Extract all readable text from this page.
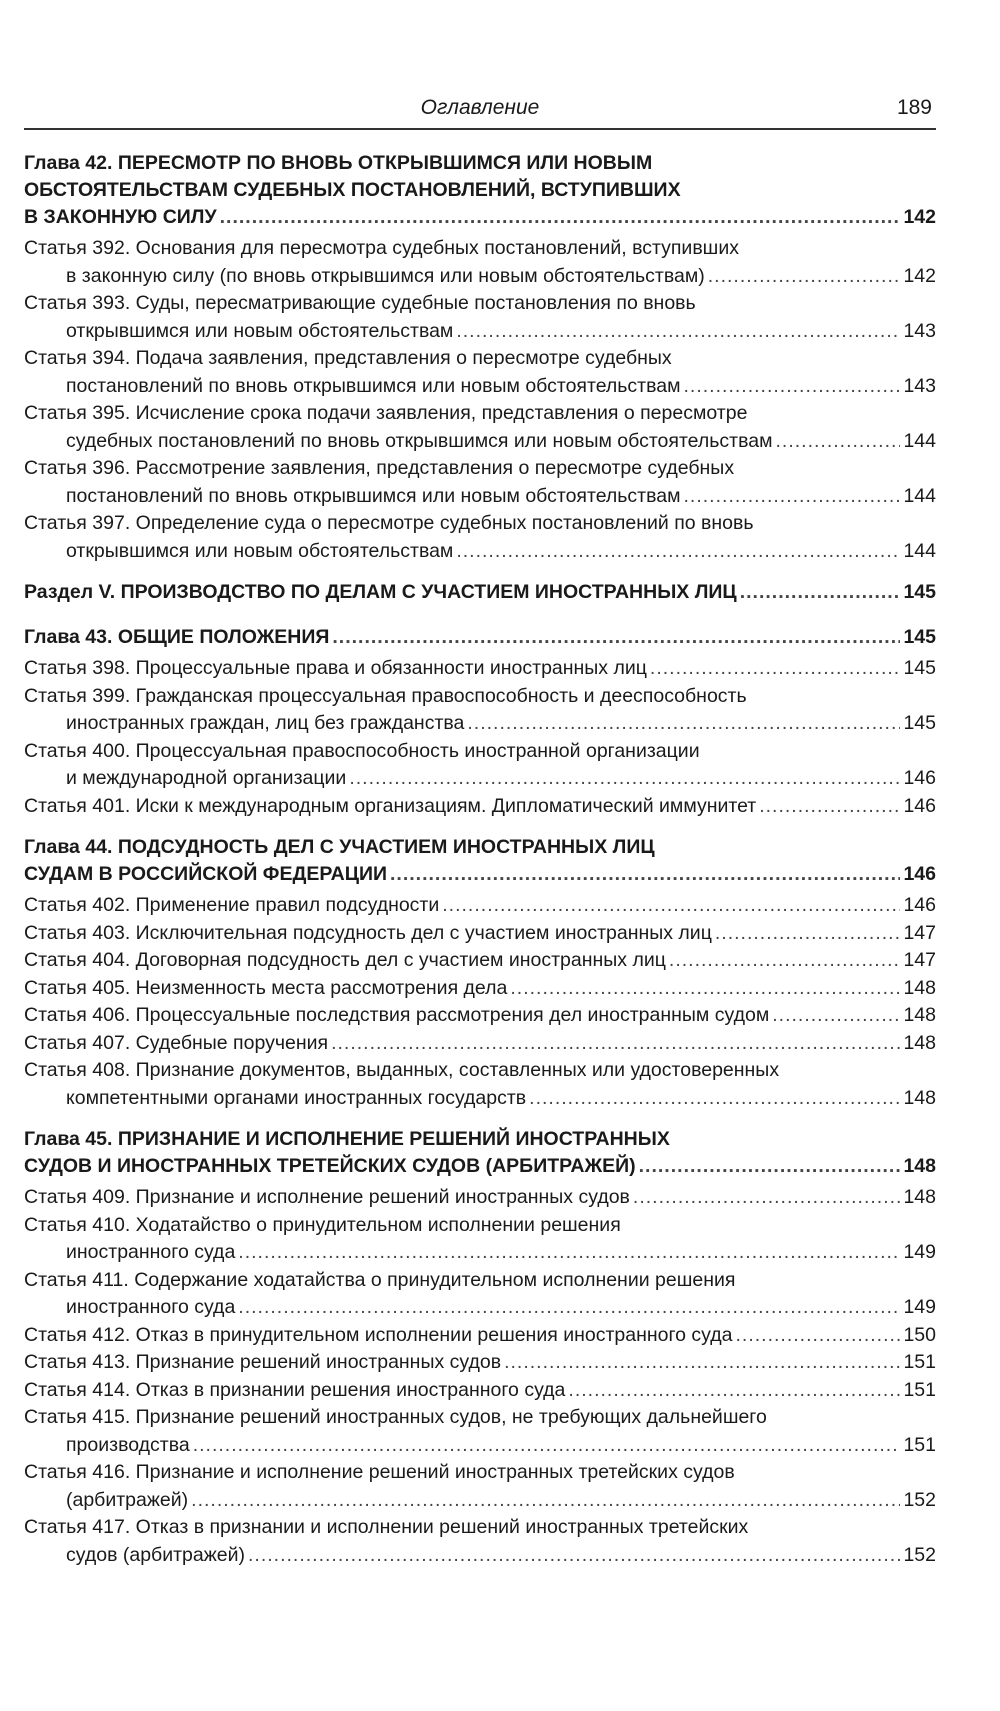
Оглавление	189
Глава 42. ПЕРЕСМОТР ПО ВНОВЬ ОТКРЫВШИМСЯ ИЛИ НОВЫМ
ОБСТОЯТЕЛЬСТВАМ СУДЕБНЫХ ПОСТАНОВЛЕНИЙ, ВСТУПИВШИХ
В ЗАКОННУЮ СИЛУ .....	142
Статья 392. Основания для пересмотра судебных постановлений, вступивших
в законную силу (по вновь открывшимся или новым обстоятельствам) .....	142
Статья 393. Суды, пересматривающие судебные постановления по вновь
открывшимся или новым обстоятельствам .....	143
Статья 394. Подача заявления, представления о пересмотре судебных
постановлений по вновь открывшимся или новым обстоятельствам .....	143
Статья 395. Исчисление срока подачи заявления, представления о пересмотре
судебных постановлений по вновь открывшимся или новым обстоятельствам .....	144
Статья 396. Рассмотрение заявления, представления о пересмотре судебных
постановлений по вновь открывшимся или новым обстоятельствам .....	144
Статья 397. Определение суда о пересмотре судебных постановлений по вновь
открывшимся или новым обстоятельствам .....	144
Раздел V. ПРОИЗВОДСТВО ПО ДЕЛАМ С УЧАСТИЕМ ИНОСТРАННЫХ ЛИЦ .....	145
Глава 43. ОБЩИЕ ПОЛОЖЕНИЯ .....	145
Статья 398. Процессуальные права и обязанности иностранных лиц .....	145
Статья 399. Гражданская процессуальная правоспособность и дееспособность
иностранных граждан, лиц без гражданства .....	145
Статья 400. Процессуальная правоспособность иностранной организации
и международной организации .....	146
Статья 401. Иски к международным организациям. Дипломатический иммунитет .....	146
Глава 44. ПОДСУДНОСТЬ ДЕЛ С УЧАСТИЕМ ИНОСТРАННЫХ ЛИЦ
СУДАМ В РОССИЙСКОЙ ФЕДЕРАЦИИ .....	146
Статья 402. Применение правил подсудности .....	146
Статья 403. Исключительная подсудность дел с участием иностранных лиц .....	147
Статья 404. Договорная подсудность дел с участием иностранных лиц .....	147
Статья 405. Неизменность места рассмотрения дела .....	148
Статья 406. Процессуальные последствия рассмотрения дел иностранным судом .....	148
Статья 407. Судебные поручения .....	148
Статья 408. Признание документов, выданных, составленных или удостоверенных
компетентными органами иностранных государств .....	148
Глава 45. ПРИЗНАНИЕ И ИСПОЛНЕНИЕ РЕШЕНИЙ ИНОСТРАННЫХ
СУДОВ И ИНОСТРАННЫХ ТРЕТЕЙСКИХ СУДОВ (АРБИТРАЖЕЙ) .....	148
Статья 409. Признание и исполнение решений иностранных судов .....	148
Статья 410. Ходатайство о принудительном исполнении решения
иностранного суда .....	149
Статья 411. Содержание ходатайства о принудительном исполнении решения
иностранного суда .....	149
Статья 412. Отказ в принудительном исполнении решения иностранного суда .....	150
Статья 413. Признание решений иностранных судов .....	151
Статья 414. Отказ в признании решения иностранного суда .....	151
Статья 415. Признание решений иностранных судов, не требующих дальнейшего
производства .....	151
Статья 416. Признание и исполнение решений иностранных третейских судов
(арбитражей) .....	152
Статья 417. Отказ в признании и исполнении решений иностранных третейских
судов (арбитражей) .....	152
